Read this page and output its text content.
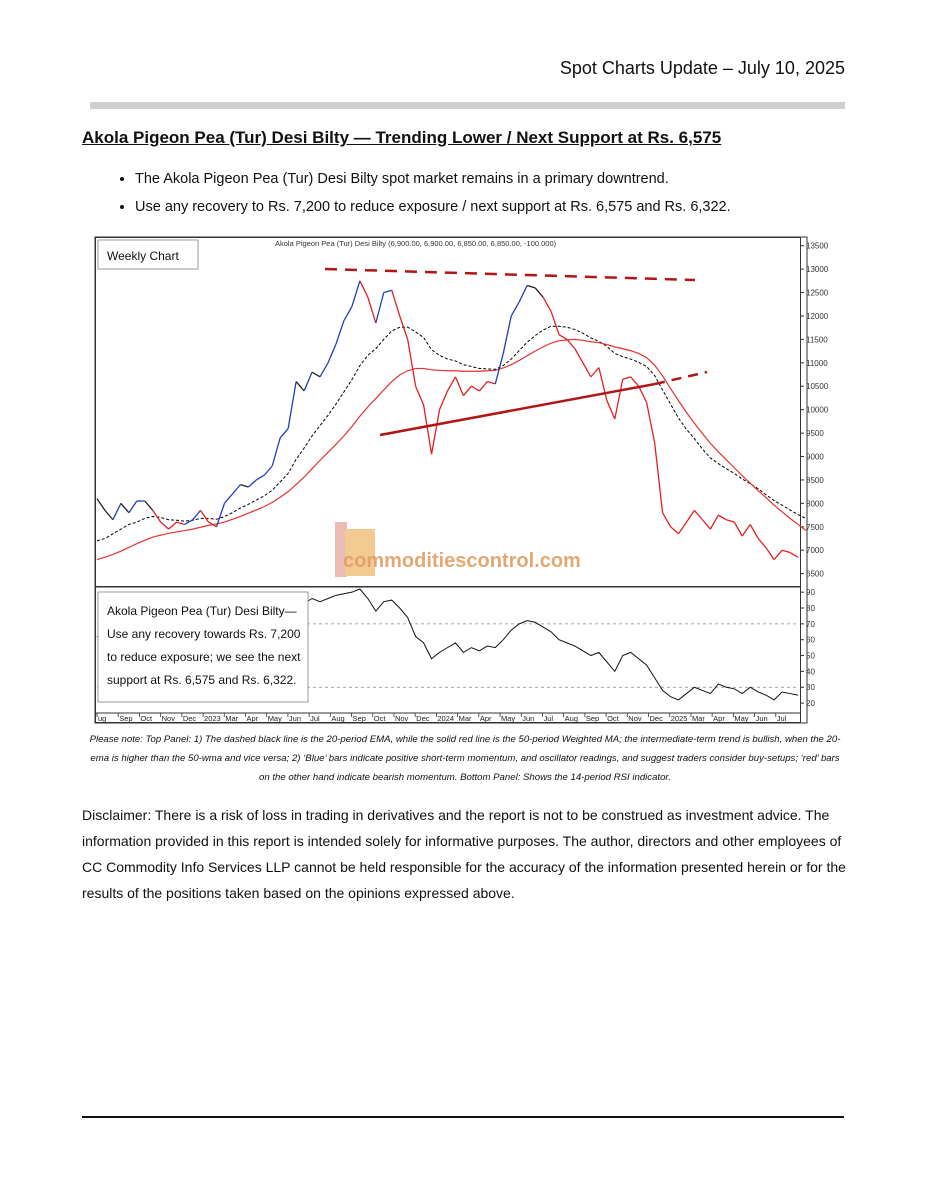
Spot Charts Update – July 10, 2025
Akola Pigeon Pea (Tur) Desi Bilty — Trending Lower / Next Support at Rs. 6,575
• The Akola Pigeon Pea (Tur) Desi Bilty spot market remains in a primary downtrend.
• Use any recovery to Rs. 7,200 to reduce exposure / next support at Rs. 6,575 and Rs. 6,322.
6500
7000
7500
8000
8500
9000
9500
10000
10500
11000
11500
12000
12500
13000
13500
20
30
40
50
60
70
80
90
ug Sep Oct Nov Dec 2023 Mar Apr May Jun Jul Aug Sep Oct Nov Dec 2024 Mar Apr May Jun Jul Aug Sep Oct Nov Dec 2025 Mar Apr May Jun Jul
commoditiescontrol.com
Akola Pigeon Pea (Tur) Desi Bilty (6,900.00, 6,900.00, 6,850.00, 6,850.00, -100.000)
Weekly Chart
Akola Pigeon Pea (Tur) Desi Bilty— Use any recovery towards Rs. 7,200 to reduce exposure; we see the next support at Rs. 6,575 and Rs. 6,322.
Please note: Top Panel: 1) The dashed black line is the 20-period EMA, while the solid red line is the 50-period Weighted MA; the intermediate-term trend is bullish, when the 20-ema is higher than the 50-wma and vice versa; 2) ‘Blue’ bars indicate positive short-term momentum, and oscillator readings, and suggest traders consider buy-setups; ‘red’ bars on the other hand indicate bearish momentum. Bottom Panel: Shows the 14-period RSI indicator.
Disclaimer: There is a risk of loss in trading in derivatives and the report is not to be construed as investment advice. The information provided in this report is intended solely for informative purposes. The author, directors and other employees of CC Commodity Info Services LLP cannot be held responsible for the accuracy of the information presented herein or for the results of the positions taken based on the opinions expressed above.
